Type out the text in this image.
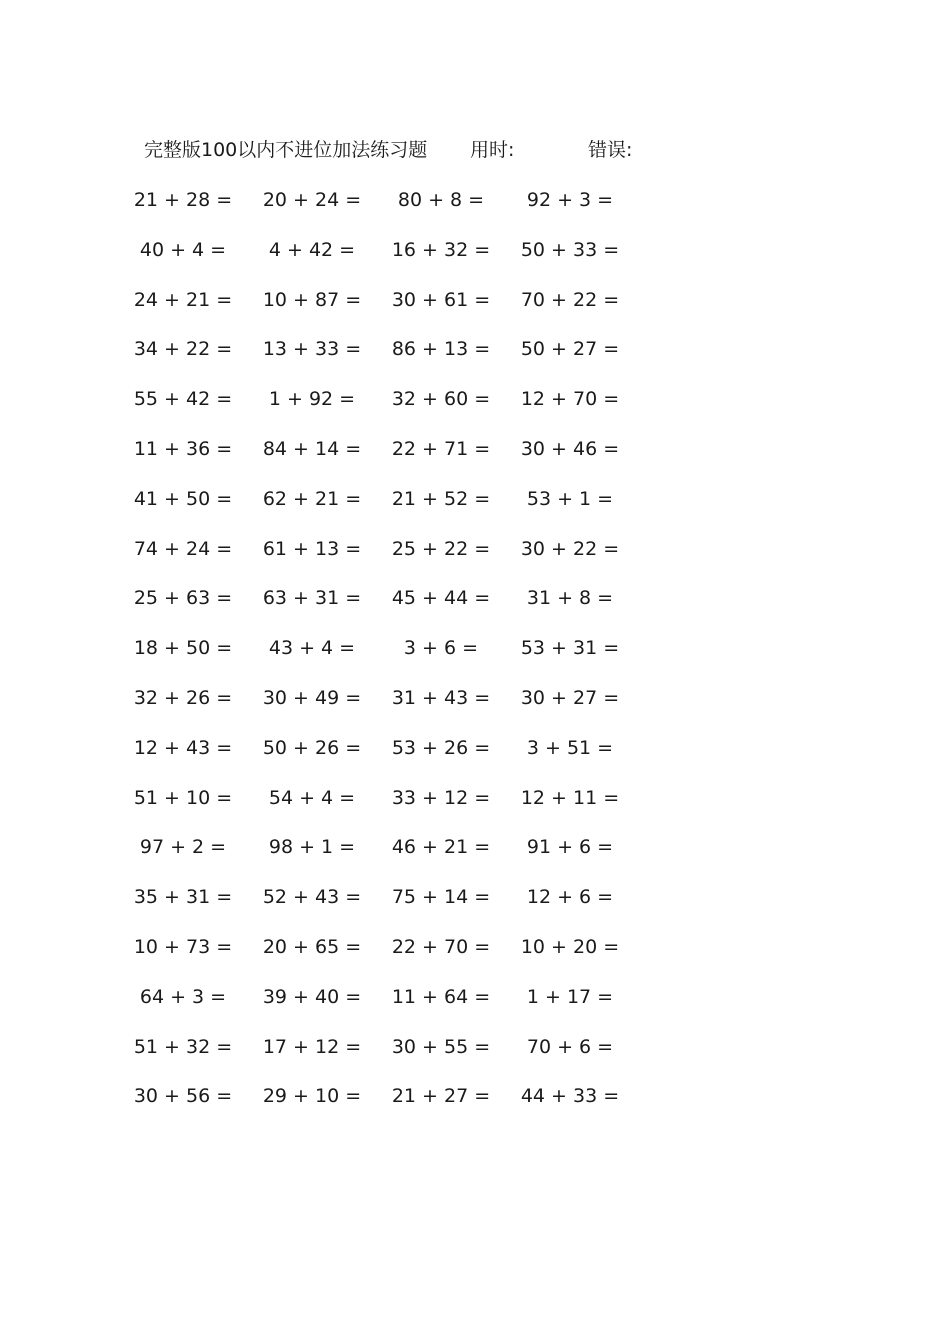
完整版100以内不进位加法练习题 用时:	错误:
21 + 28 =	20 + 24 =	80 + 8 =	92 + 3 =
40 + 4 =	4 + 42 =	16 + 32 =	50 + 33 =
24 + 21 =	10 + 87 =	30 + 61 =	70 + 22 =
34 + 22 =	13 + 33 =	86 + 13 =	50 + 27 =
55 + 42 =	1 + 92 =	32 + 60 =	12 + 70 =
11 + 36 =	84 + 14 =	22 + 71 =	30 + 46 =
41 + 50 =	62 + 21 =	21 + 52 =	53 + 1 =
74 + 24 =	61 + 13 =	25 + 22 =	30 + 22 =
25 + 63 =	63 + 31 =	45 + 44 =	31 + 8 =
18 + 50 =	43 + 4 =	3 + 6 =	53 + 31 =
32 + 26 =	30 + 49 =	31 + 43 =	30 + 27 =
12 + 43 =	50 + 26 =	53 + 26 =	3 + 51 =
51 + 10 =	54 + 4 =	33 + 12 =	12 + 11 =
97 + 2 =	98 + 1 =	46 + 21 =	91 + 6 =
35 + 31 =	52 + 43 =	75 + 14 =	12 + 6 =
10 + 73 =	20 + 65 =	22 + 70 =	10 + 20 =
64 + 3 =	39 + 40 =	11 + 64 =	1 + 17 =
51 + 32 =	17 + 12 =	30 + 55 =	70 + 6 =
30 + 56 =	29 + 10 =	21 + 27 =	44 + 33 =
